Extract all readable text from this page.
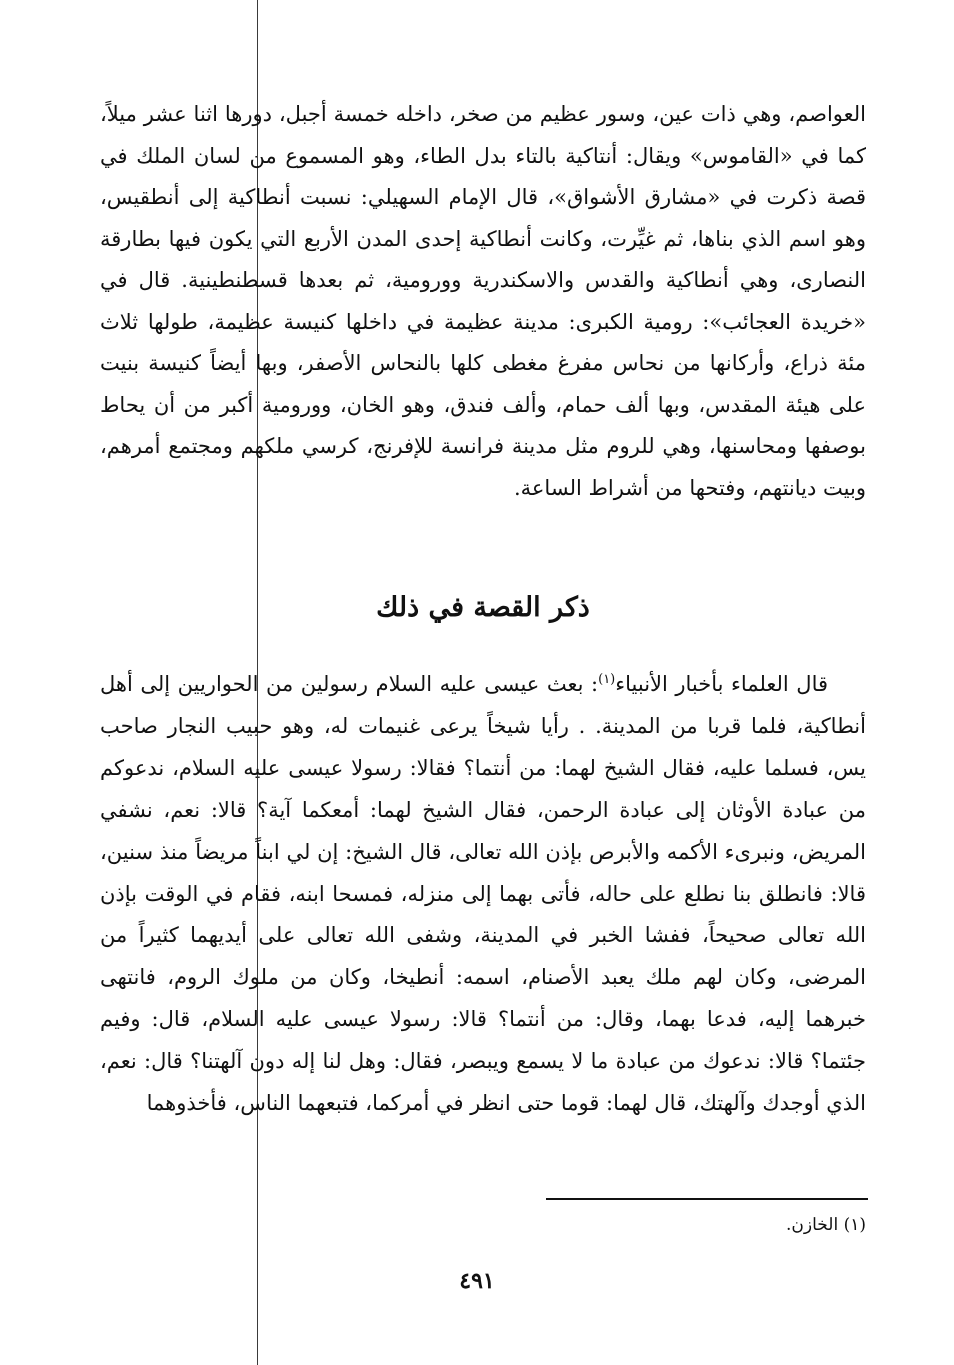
العواصم، وهي ذات عين، وسور عظيم من صخر، داخله خمسة أجبل، دورها اثنا عشر ميلاً، كما في «القاموس» ويقال: أنتاكية بالتاء بدل الطاء، وهو المسموع من لسان الملك في قصة ذكرت في «مشارق الأشواق»، قال الإمام السهيلي: نسبت أنطاكية إلى أنطقيس، وهو اسم الذي بناها، ثم غيِّرت، وكانت أنطاكية إحدى المدن الأربع التي يكون فيها بطارقة النصارى، وهي أنطاكية والقدس والاسكندرية وورومية، ثم بعدها قسطنطينية. قال في «خريدة العجائب»: رومية الكبرى: مدينة عظيمة في داخلها كنيسة عظيمة، طولها ثلاث مئة ذراع، وأركانها من نحاس مفرغ مغطى كلها بالنحاس الأصفر، وبها أيضاً كنيسة بنيت على هيئة المقدس، وبها ألف حمام، وألف فندق، وهو الخان، وورومية أكبر من أن يحاط بوصفها ومحاسنها، وهي للروم مثل مدينة فرانسة للإفرنج، كرسي ملكهم ومجتمع أمرهم، وبيت ديانتهم، وفتحها من أشراط الساعة.
ذكر القصة في ذلك
قال العلماء بأخبار الأنبياء$^{(١)}$: بعث عيسى عليه السلام رسولين من الحواريين إلى أهل أنطاكية، فلما قربا من المدينة. . رأيا شيخاً يرعى غنيمات له، وهو حبيب النجار صاحب يس، فسلما عليه، فقال الشيخ لهما: من أنتما؟ فقالا: رسولا عيسى عليه السلام، ندعوكم من عبادة الأوثان إلى عبادة الرحمن، فقال الشيخ لهما: أمعكما آية؟ قالا: نعم، نشفي المريض، ونبرىء الأكمه والأبرص بإذن الله تعالى، قال الشيخ: إن لي ابناً مريضاً منذ سنين، قالا: فانطلق بنا نطلع على حاله، فأتى بهما إلى منزله، فمسحا ابنه، فقام في الوقت بإذن الله تعالى صحيحاً، ففشا الخبر في المدينة، وشفى الله تعالى على أيديهما كثيراً من المرضى، وكان لهم ملك يعبد الأصنام، اسمه: أنطيخا، وكان من ملوك الروم، فانتهى خبرهما إليه، فدعا بهما، وقال: من أنتما؟ قالا: رسولا عيسى عليه السلام، قال: وفيم جئتما؟ قالا: ندعوك من عبادة ما لا يسمع ويبصر، فقال: وهل لنا إله دون آلهتنا؟ قال: نعم، الذي أوجدك وآلهتك، قال لهما: قوما حتى انظر في أمركما، فتبعهما الناس، فأخذوهما
(١) الخازن.
٤٩١
